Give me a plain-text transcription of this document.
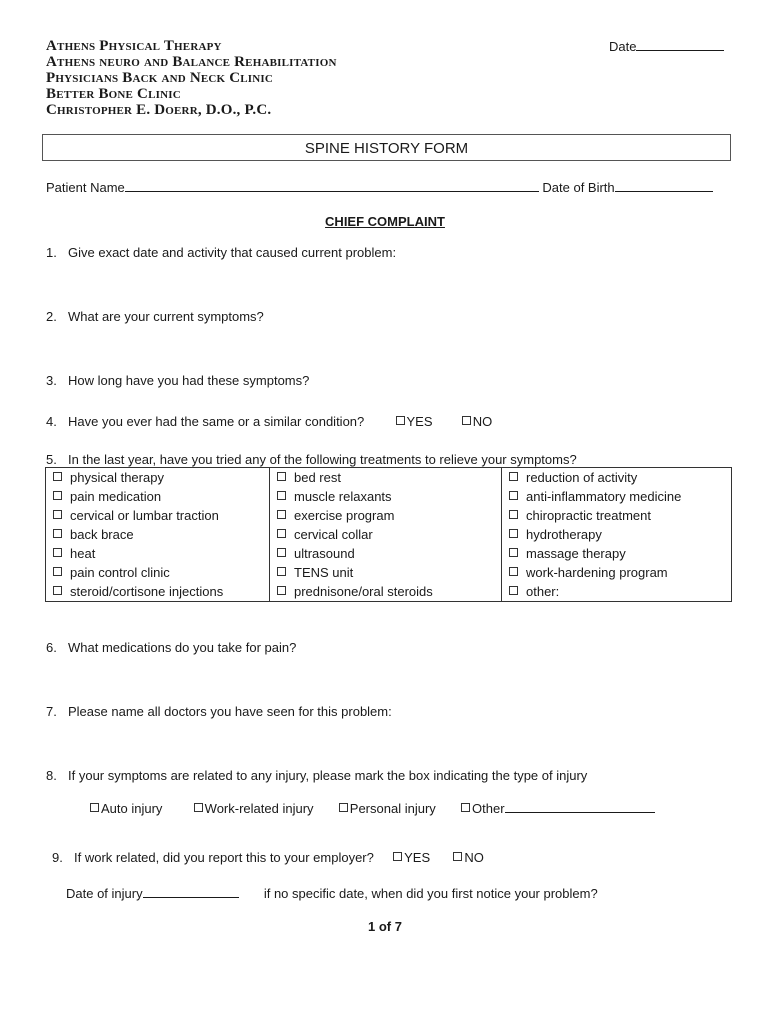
Athens Physical Therapy
Athens neuro and Balance Rehabilitation
Physicians Back and Neck Clinic
Better Bone Clinic
Christopher E. Doerr, D.O., P.C.
Date
SPINE HISTORY FORM
Patient Name	Date of Birth
CHIEF COMPLAINT
1. Give exact date and activity that caused current problem:
2. What are your current symptoms?
3. How long have you had these symptoms?
4. Have you ever had the same or a similar condition?	YES	NO
5. In the last year, have you tried any of the following treatments to relieve your symptoms?
physical therapy	bed rest	reduction of activity
pain medication	muscle relaxants	anti-inflammatory medicine
cervical or lumbar traction	exercise program	chiropractic treatment
back brace	cervical collar	hydrotherapy
heat	ultrasound	massage therapy
pain control clinic	TENS unit	work-hardening program
steroid/cortisone injections	prednisone/oral steroids	other:
6. What medications do you take for pain?
7. Please name all doctors you have seen for this problem:
8. If your symptoms are related to any injury, please mark the box indicating the type of injury
Auto injury	Work-related injury	Personal injury	Other
9. If work related, did you report this to your employer? YES	NO
Date of injury	if no specific date, when did you first notice your problem?
1 of 7
